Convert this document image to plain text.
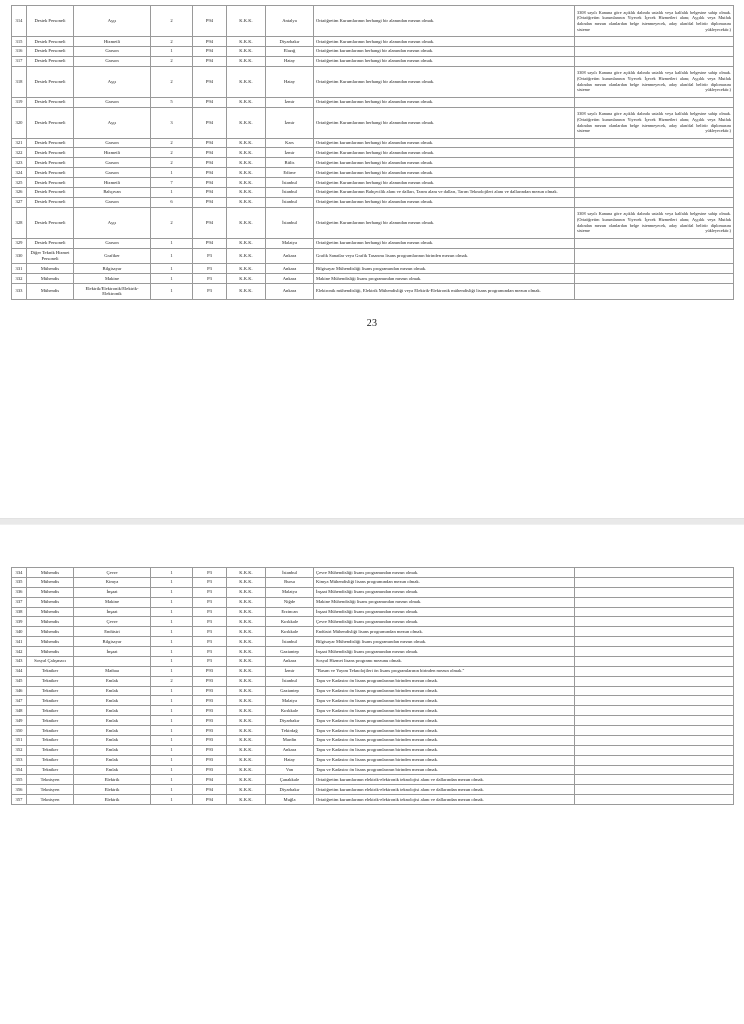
314	Destek Personeli	Aşçı	2	P94	K.K.K.	Antalya	Ortaöğretim Kurumlarının herhangi bir alanından mezun olmak.	3308 sayılı Kanuna göre açıklık dalında ustalık veya kalfalık belgesine sahip olmak. (Ortaöğretim kurumlarının Yiyecek İçecek Hizmetleri alanı; Aşçılık veya Mutfak dalından mezun olanlardan belge istenmeyecek, aday alan/dal belirtir diplomasını sisteme yükleyecektir.)
315	Destek Personeli	Hizmetli	2	P94	K.K.K.	Diyarbakır	Ortaöğretim Kurumlarının herhangi bir alanından mezun olmak.	
316	Destek Personeli	Garson	1	P94	K.K.K.	Elazığ	Ortaöğretim kurumlarının herhangi bir alanından mezun olmak.	
317	Destek Personeli	Garson	2	P94	K.K.K.	Hatay	Ortaöğretim kurumlarının herhangi bir alanından mezun olmak.	
318	Destek Personeli	Aşçı	2	P94	K.K.K.	Hatay	Ortaöğretim Kurumlarının herhangi bir alanından mezun olmak.	3308 sayılı Kanuna göre açıklık dalında ustalık veya kalfalık belgesine sahip olmak. (Ortaöğretim kurumlarının Yiyecek İçecek Hizmetleri alanı; Aşçılık veya Mutfak dalından mezun olanlardan belge istenmeyecek, aday alan/dal belirtir diplomasını sisteme yükleyecektir.)
319	Destek Personeli	Garson	5	P94	K.K.K.	İzmir	Ortaöğretim kurumlarının herhangi bir alanından mezun olmak.	
320	Destek Personeli	Aşçı	3	P94	K.K.K.	İzmir	Ortaöğretim Kurumlarının herhangi bir alanından mezun olmak.	3308 sayılı Kanuna göre açıklık dalında ustalık veya kalfalık belgesine sahip olmak. (Ortaöğretim kurumlarının Yiyecek İçecek Hizmetleri alanı; Aşçılık veya Mutfak dalından mezun olanlardan belge istenmeyecek, aday alan/dal belirtir diplomasını sisteme yükleyecektir.)
321	Destek Personeli	Garson	2	P94	K.K.K.	Kars	Ortaöğretim kurumlarının herhangi bir alanından mezun olmak.	
322	Destek Personeli	Hizmetli	2	P94	K.K.K.	İzmir	Ortaöğretim Kurumlarının herhangi bir alanından mezun olmak.	
323	Destek Personeli	Garson	2	P94	K.K.K.	Bitlis	Ortaöğretim kurumlarının herhangi bir alanından mezun olmak.	
324	Destek Personeli	Garson	1	P94	K.K.K.	Edirne	Ortaöğretim kurumlarının herhangi bir alanından mezun olmak.	
325	Destek Personeli	Hizmetli	7	P94	K.K.K.	İstanbul	Ortaöğretim Kurumlarının herhangi bir alanından mezun olmak.	
326	Destek Personeli	Bahçıvan	1	P94	K.K.K.	İstanbul	Ortaöğretim Kurumlarının Bahçecilik alanı ve dalları, Tarım alanı ve dalları, Tarım Teknolojileri alanı ve dallarından mezun olmak.	
327	Destek Personeli	Garson	6	P94	K.K.K.	İstanbul	Ortaöğretim kurumlarının herhangi bir alanından mezun olmak.	
328	Destek Personeli	Aşçı	2	P94	K.K.K.	İstanbul	Ortaöğretim Kurumlarının herhangi bir alanından mezun olmak.	3308 sayılı Kanuna göre açıklık dalında ustalık veya kalfalık belgesine sahip olmak. (Ortaöğretim kurumlarının Yiyecek İçecek Hizmetleri alanı; Aşçılık veya Mutfak dalından mezun olanlardan belge istenmeyecek, aday alan/dal belirtir diplomasını sisteme yükleyecektir.)
329	Destek Personeli	Garson	1	P94	K.K.K.	Malatya	Ortaöğretim kurumlarının herhangi bir alanından mezun olmak.	
330	Diğer Teknik Hizmet Personeli	Grafiker	1	P3	K.K.K.	Ankara	Grafik Sanatlar veya Grafik Tasarımı lisans programlarının birinden mezun olmak.	
331	Mühendis	Bilgisayar	1	P3	K.K.K.	Ankara	Bilgisayar Mühendisliği lisans programından mezun olmak.	
332	Mühendis	Makine	1	P3	K.K.K.	Ankara	Makine Mühendisliği lisans programından mezun olmak.	
333	Mühendis	Elektrik/Elektronik/Elektrik-Elektronik	1	P3	K.K.K.	Ankara	Elektronik mühendisliği, Elektrik Mühendisliği veya Elektrik-Elektronik mühendisliği lisans programından mezun olmak.	
23
334	Mühendis	Çevre	1	P3	K.K.K.	İstanbul	Çevre Mühendisliği lisans programından mezun olmak.	
335	Mühendis	Kimya	1	P3	K.K.K.	Bursa	Kimya Mühendisliği lisans programından mezun olmak.	
336	Mühendis	İnşaat	1	P3	K.K.K.	Malatya	İnşaat Mühendisliği lisans programından mezun olmak.	
337	Mühendis	Makine	1	P3	K.K.K.	Niğde	Makine Mühendisliği lisans programından mezun olmak.	
338	Mühendis	İnşaat	1	P3	K.K.K.	Erzincan	İnşaat Mühendisliği lisans programından mezun olmak.	
339	Mühendis	Çevre	1	P3	K.K.K.	Kırıkkale	Çevre Mühendisliği lisans programından mezun olmak.	
340	Mühendis	Endüstri	1	P3	K.K.K.	Kırıkkale	Endüstri Mühendisliği lisans programından mezun olmak.	
341	Mühendis	Bilgisayar	1	P3	K.K.K.	İstanbul	Bilgisayar Mühendisliği lisans programından mezun olmak.	
342	Mühendis	İnşaat	1	P3	K.K.K.	Gaziantep	İnşaat Mühendisliği lisans programından mezun olmak.	
343	Sosyal Çalışmacı		1	P3	K.K.K.	Ankara	Sosyal Hizmet lisans programı mezunu olmak.	
344	Tekniker	Matbaa	1	P93	K.K.K.	İzmir	"Basım ve Yayım Teknolojileri ön lisans programlarının birinden mezun olmak."	
345	Tekniker	Emlak	2	P93	K.K.K.	İstanbul	Tapu ve Kadastro ön lisans programlarının birinden mezun olmak.	
346	Tekniker	Emlak	1	P93	K.K.K.	Gaziantep	Tapu ve Kadastro ön lisans programlarının birinden mezun olmak.	
347	Tekniker	Emlak	1	P93	K.K.K.	Malatya	Tapu ve Kadastro ön lisans programlarının birinden mezun olmak.	
348	Tekniker	Emlak	1	P93	K.K.K.	Kırıkkale	Tapu ve Kadastro ön lisans programlarının birinden mezun olmak.	
349	Tekniker	Emlak	1	P93	K.K.K.	Diyarbakır	Tapu ve Kadastro ön lisans programlarının birinden mezun olmak.	
350	Tekniker	Emlak	1	P93	K.K.K.	Tekirdağ	Tapu ve Kadastro ön lisans programlarının birinden mezun olmak.	
351	Tekniker	Emlak	1	P93	K.K.K.	Mardin	Tapu ve Kadastro ön lisans programlarının birinden mezun olmak.	
352	Tekniker	Emlak	1	P93	K.K.K.	Ankara	Tapu ve Kadastro ön lisans programlarının birinden mezun olmak.	
353	Tekniker	Emlak	1	P93	K.K.K.	Hatay	Tapu ve Kadastro ön lisans programlarının birinden mezun olmak.	
354	Tekniker	Emlak	1	P93	K.K.K.	Van	Tapu ve Kadastro ön lisans programlarının birinden mezun olmak.	
355	Teknisyen	Elektrik	1	P94	K.K.K.	Çanakkale	Ortaöğretim kurumlarının elektrik-elektronik teknolojisi alanı ve dallarından mezun olmak.	
356	Teknisyen	Elektrik	1	P94	K.K.K.	Diyarbakır	Ortaöğretim kurumlarının elektrik-elektronik teknolojisi alanı ve dallarından mezun olmak.	
357	Teknisyen	Elektrik	1	P94	K.K.K.	Muğla	Ortaöğretim kurumlarının elektrik-elektronik teknolojisi alanı ve dallarından mezun olmak.	
